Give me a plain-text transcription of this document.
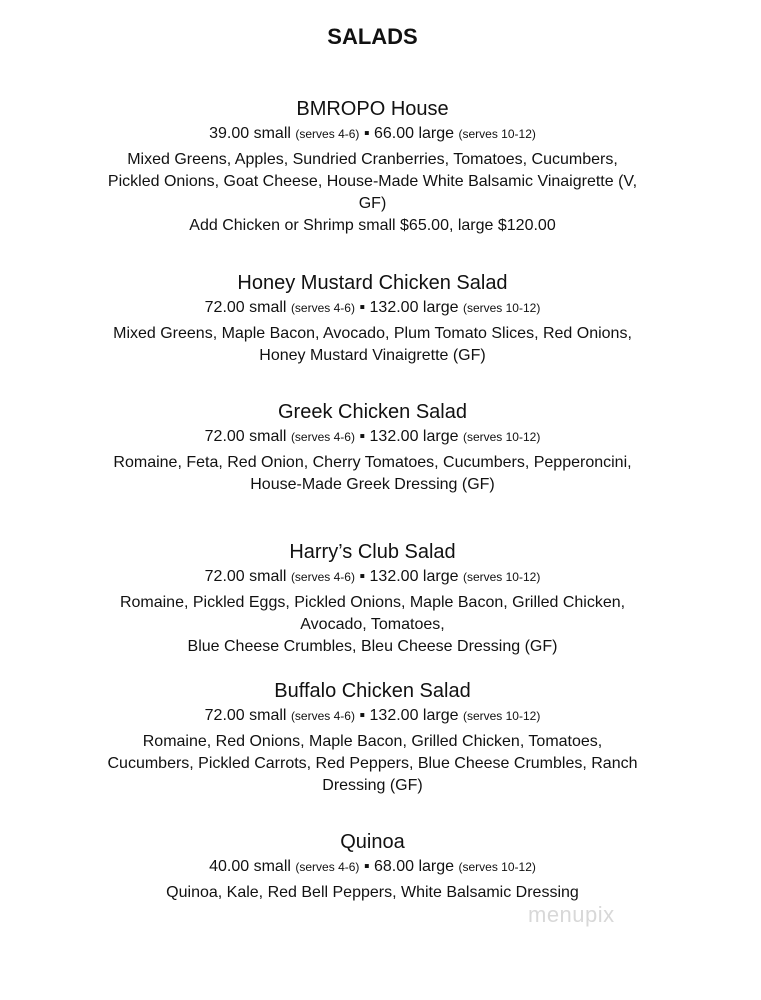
SALADS
BMROPO House
39.00 small (serves 4-6) ▪ 66.00 large (serves 10-12)
Mixed Greens, Apples, Sundried Cranberries, Tomatoes, Cucumbers,
Pickled Onions, Goat Cheese, House-Made White Balsamic Vinaigrette (V,
GF)
Add Chicken or Shrimp small $65.00, large $120.00
Honey Mustard Chicken Salad
72.00 small (serves 4-6) ▪ 132.00 large (serves 10-12)
Mixed Greens, Maple Bacon, Avocado, Plum Tomato Slices, Red Onions,
Honey Mustard Vinaigrette (GF)
Greek Chicken Salad
72.00 small (serves 4-6) ▪ 132.00 large (serves 10-12)
Romaine, Feta, Red Onion, Cherry Tomatoes, Cucumbers, Pepperoncini,
House-Made Greek Dressing (GF)
Harry’s Club Salad
72.00 small (serves 4-6) ▪ 132.00 large (serves 10-12)
Romaine, Pickled Eggs, Pickled Onions, Maple Bacon, Grilled Chicken,
Avocado, Tomatoes,
Blue Cheese Crumbles, Bleu Cheese Dressing (GF)
Buffalo Chicken Salad
72.00 small (serves 4-6) ▪ 132.00 large (serves 10-12)
Romaine, Red Onions, Maple Bacon, Grilled Chicken, Tomatoes,
Cucumbers, Pickled Carrots, Red Peppers, Blue Cheese Crumbles, Ranch
Dressing (GF)
Quinoa
40.00 small (serves 4-6) ▪ 68.00 large (serves 10-12)
Quinoa, Kale, Red Bell Peppers, White Balsamic Dressing
menupix
